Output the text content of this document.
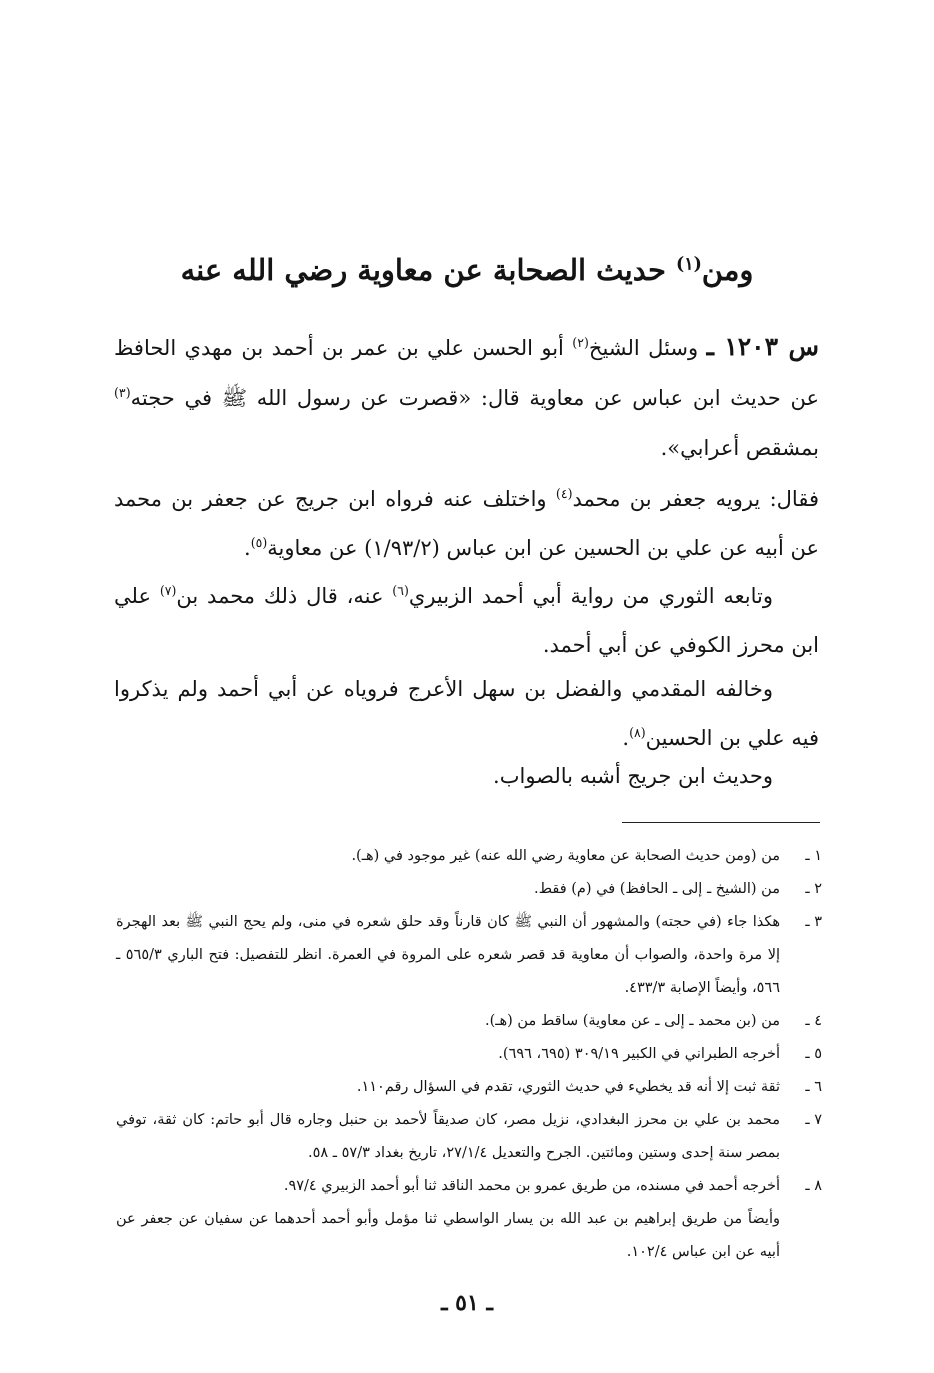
ومن$^{(١)}$ حديث الصحابة عن معاوية رضي الله عنه
س ١٢٠٣ ـ وسئل الشيخ$^{(٢)}$ أبو الحسن علي بن عمر بن أحمد بن مهدي الحافظ عن حديث ابن عباس عن معاوية قال: «قصرت عن رسول الله ﷺ في حجته$^{(٣)}$ بمشقص أعرابي».
فقال: يرويه جعفر بن محمد$^{(٤)}$ واختلف عنه فرواه ابن جريج عن جعفر بن محمد عن أبيه عن علي بن الحسين عن ابن عباس (١/٩٣/٢) عن معاوية$^{(٥)}$.
وتابعه الثوري من رواية أبي أحمد الزبيري$^{(٦)}$ عنه، قال ذلك محمد بن$^{(٧)}$ علي ابن محرز الكوفي عن أبي أحمد.
وخالفه المقدمي والفضل بن سهل الأعرج فروياه عن أبي أحمد ولم يذكروا فيه علي بن الحسين$^{(٨)}$.
وحديث ابن جريج أشبه بالصواب.
١ ـ
من (ومن حديث الصحابة عن معاوية رضي الله عنه) غير موجود في (هـ).
٢ ـ
من (الشيخ ـ إلى ـ الحافظ) في (م) فقط.
٣ ـ
هكذا جاء (في حجته) والمشهور أن النبي ﷺ كان قارناً وقد حلق شعره في منى، ولم يحج النبي ﷺ بعد الهجرة إلا مرة واحدة، والصواب أن معاوية قد قصر شعره على المروة في العمرة. انظر للتفصيل: فتح الباري ٥٦٥/٣ ـ ٥٦٦، وأيضاً الإصابة ٤٣٣/٣.
٤ ـ
من (بن محمد ـ إلى ـ عن معاوية) ساقط من (هـ).
٥ ـ
أخرجه الطبراني في الكبير ٣٠٩/١٩ (٦٩٥، ٦٩٦).
٦ ـ
ثقة ثبت إلا أنه قد يخطيء في حديث الثوري، تقدم في السؤال رقم١١٠.
٧ ـ
محمد بن علي بن محرز البغدادي، نزيل مصر، كان صديقاً لأحمد بن حنبل وجاره قال أبو حاتم: كان ثقة، توفي بمصر سنة إحدى وستين ومائتين. الجرح والتعديل ٢٧/١/٤، تاريخ بغداد ٥٧/٣ ـ ٥٨.
٨ ـ
أخرجه أحمد في مسنده، من طريق عمرو بن محمد الناقد ثنا أبو أحمد الزبيري ٩٧/٤.
وأيضاً من طريق إبراهيم بن عبد الله بن يسار الواسطي ثنا مؤمل وأبو أحمد أحدهما عن سفيان عن جعفر عن أبيه عن ابن عباس ١٠٢/٤.
ـ ٥١ ـ
